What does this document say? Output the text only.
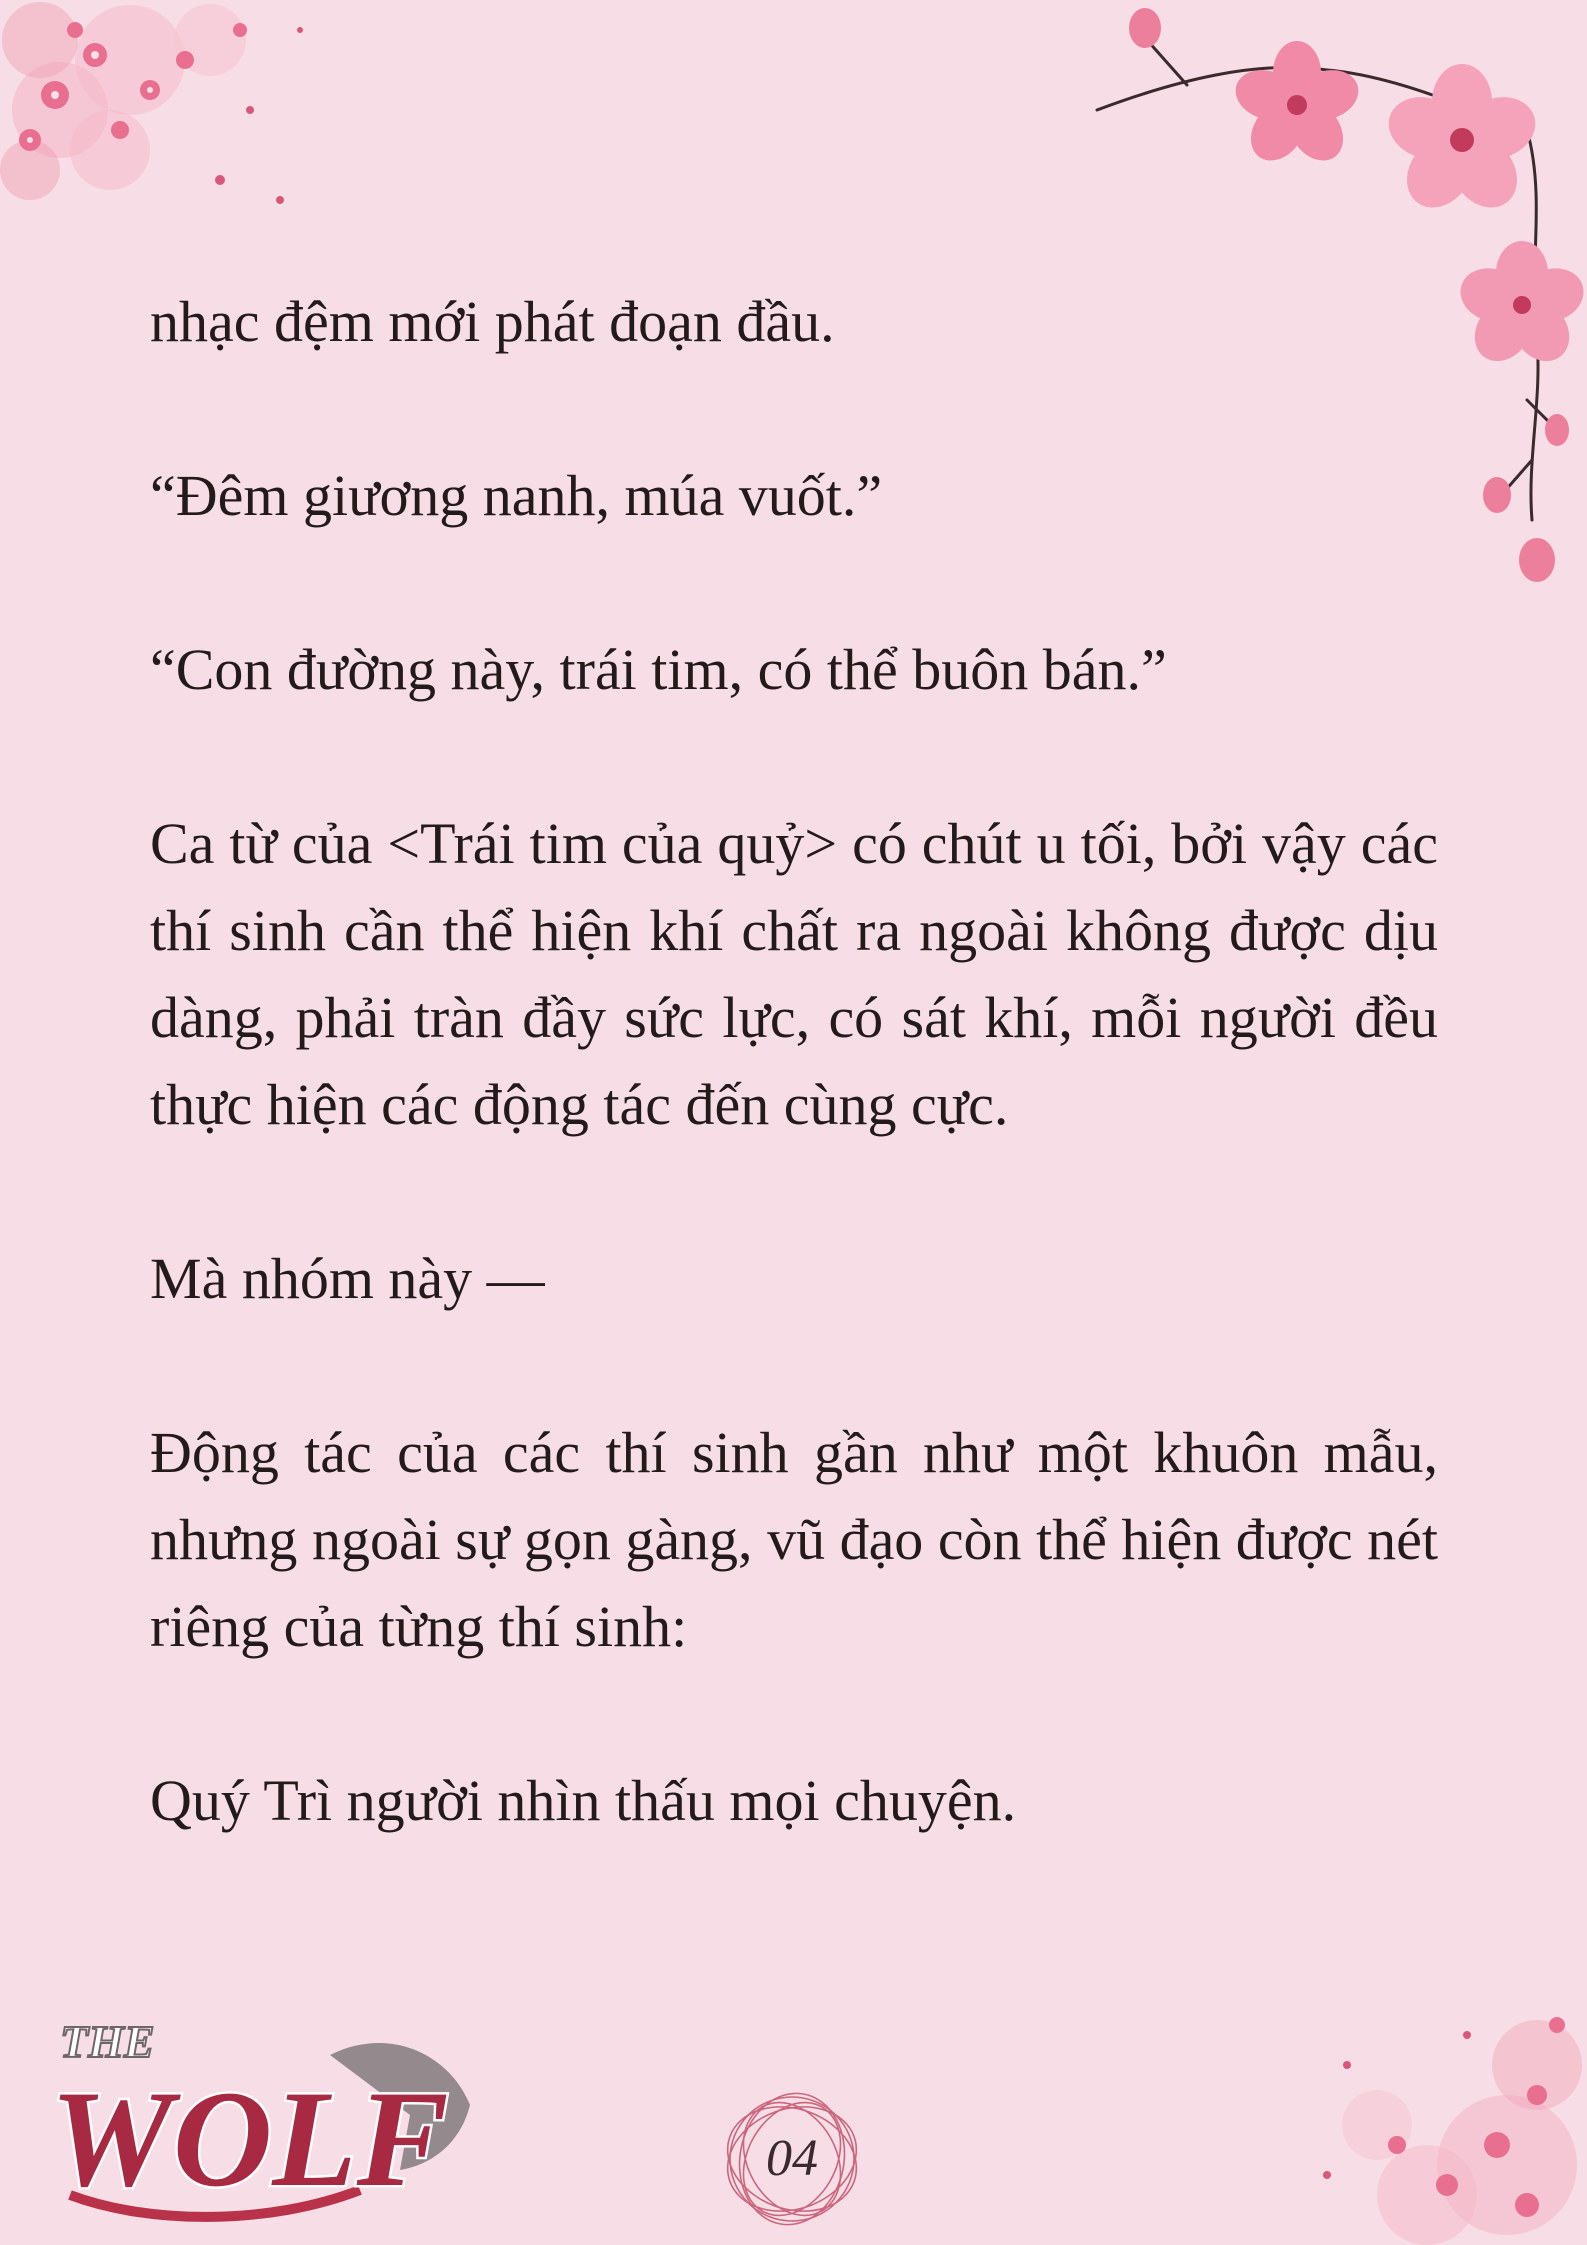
nhạc đệm mới phát đoạn đầu.

“Đêm giương nanh, múa vuốt.”

“Con đường này, trái tim, có thể buôn bán.”

Ca từ của <Trái tim của quỷ> có chút u tối, bởi vậy các thí sinh cần thể hiện khí chất ra ngoài không được dịu dàng, phải tràn đầy sức lực, có sát khí, mỗi người đều thực hiện các động tác đến cùng cực.

Mà nhóm này —

Động tác của các thí sinh gần như một khuôn mẫu, nhưng ngoài sự gọn gàng, vũ đạo còn thể hiện được nét riêng của từng thí sinh:

Quý Trì người nhìn thấu mọi chuyện.

THE
WOLF	04
